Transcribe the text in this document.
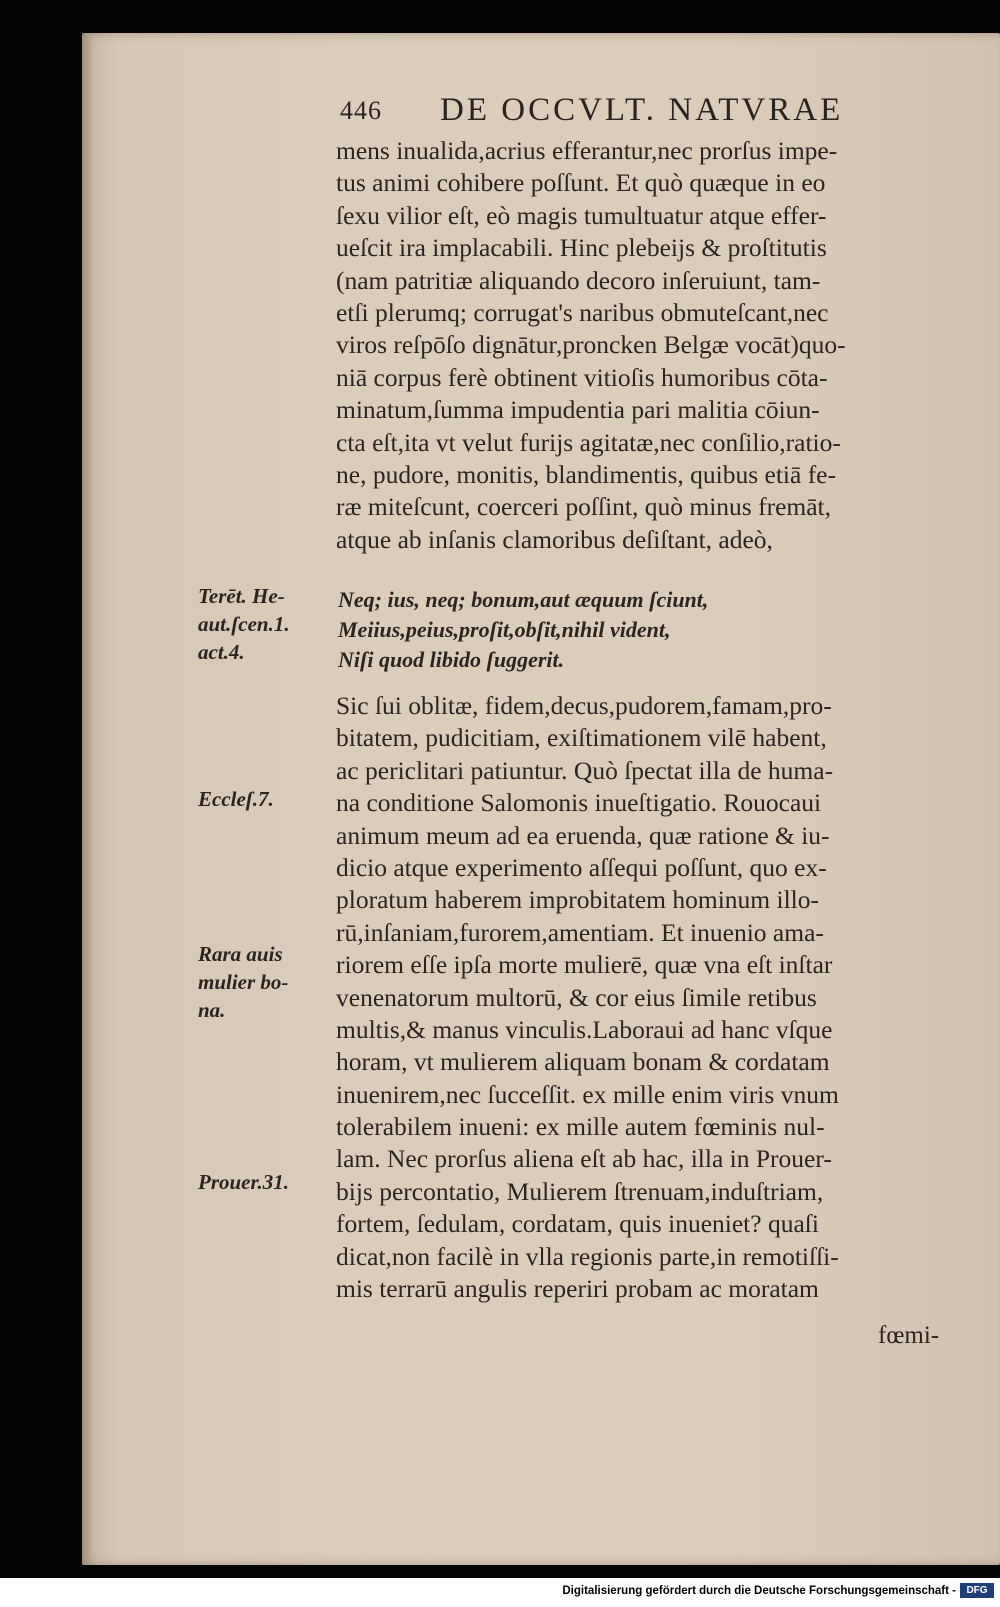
446 DE OCCVLT. NATVRAE
mens inualida,acrius efferantur,nec prorſus impe-
tus animi cohibere poſſunt. Et quò quæque in eo
ſexu vilior eſt, eò magis tumultuatur atque effer-
ueſcit ira implacabili. Hinc plebeijs & proſtitutis
(nam patritiæ aliquando decoro inſeruiunt, tam-
etſi plerumq; corrugat's naribus obmuteſcant,nec
viros reſpōſo dignātur,proncken Belgæ vocāt)quo-
niā corpus ferè obtinent vitioſis humoribus cōta-
minatum,ſumma impudentia pari malitia cōiun-
cta eſt,ita vt velut furijs agitatæ,nec conſilio,ratio-
ne, pudore, monitis, blandimentis, quibus etiā fe-
ræ miteſcunt, coerceri poſſint, quò minus fremāt,
atque ab inſanis clamoribus deſiſtant, adeò,
Neq; ius, neq; bonum,aut æquum ſciunt,
Meiius,peius,proſit,obſit,nihil vident,
Niſi quod libido ſuggerit.
Sic ſui oblitæ, fidem,decus,pudorem,famam,pro-
bitatem, pudicitiam, exiſtimationem vilē habent,
ac periclitari patiuntur. Quò ſpectat illa de huma-
na conditione Salomonis inueſtigatio. Rouocaui
animum meum ad ea eruenda, quæ ratione & iu-
dicio atque experimento aſſequi poſſunt, quo ex-
ploratum haberem improbitatem hominum illo-
rū,inſaniam,furorem,amentiam. Et inuenio ama-
riorem eſſe ipſa morte mulierē, quæ vna eſt inſtar
venenatorum multorū, & cor eius ſimile retibus
multis,& manus vinculis.Laboraui ad hanc vſque
horam, vt mulierem aliquam bonam & cordatam
inuenirem,nec ſucceſſit. ex mille enim viris vnum
tolerabilem inueni: ex mille autem fœminis nul-
lam. Nec prorſus aliena eſt ab hac, illa in Prouer-
bijs percontatio, Mulierem ſtrenuam,induſtriam,
fortem, ſedulam, cordatam, quis inueniet? quaſi
dicat,non facilè in vlla regionis parte,in remotiſſi-
mis terrarū angulis reperiri probam ac moratam
Terēt. He-
aut.ſcen.1.
act.4.
Eccleſ.7.
Rara auis
mulier bo-
na.
Prouer.31.
fœmi-
Digitalisierung gefördert durch die Deutsche Forschungsgemeinschaft -	DFG
